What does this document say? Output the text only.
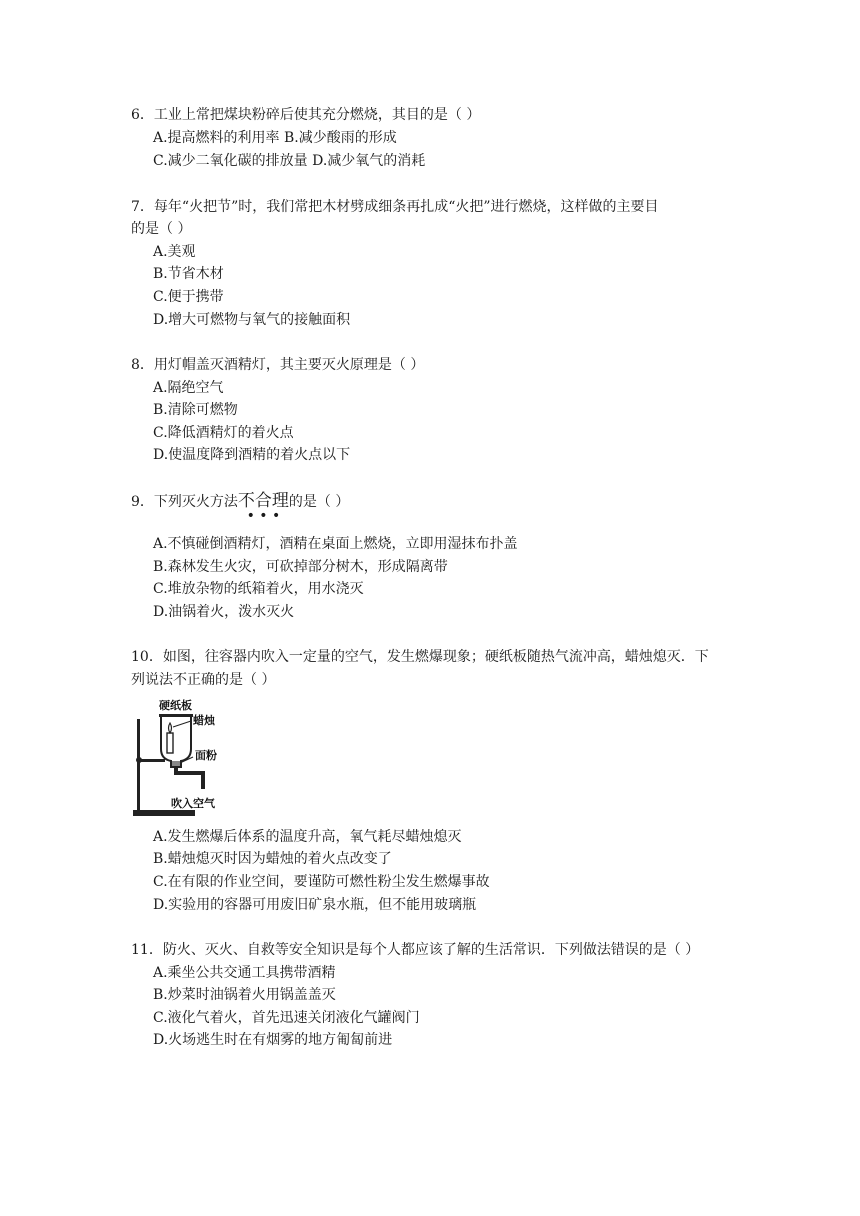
6．工业上常把煤块粉碎后使其充分燃烧，其目的是（ ）
A.提高燃料的利用率 B.减少酸雨的形成
C.减少二氧化碳的排放量 D.减少氧气的消耗
7．每年“火把节”时，我们常把木材劈成细条再扎成“火把”进行燃烧，这样做的主要目
的是（ ）
A.美观
B.节省木材
C.便于携带
D.增大可燃物与氧气的接触面积
8．用灯帽盖灭酒精灯，其主要灭火原理是（ ）
A.隔绝空气
B.清除可燃物
C.降低酒精灯的着火点
D.使温度降到酒精的着火点以下
9．下列灭火方法不合理
• • •
的是（ ）
A.不慎碰倒酒精灯，酒精在桌面上燃烧，立即用湿抹布扑盖
B.森林发生火灾，可砍掉部分树木，形成隔离带
C.堆放杂物的纸箱着火，用水浇灭
D.油锅着火，泼水灭火
10．如图，往容器内吹入一定量的空气，发生燃爆现象；硬纸板随热气流冲高，蜡烛熄灭．下
列说法不正确的是（ ）
硬纸板
蜡烛
面粉
吹入空气
A.发生燃爆后体系的温度升高，氧气耗尽蜡烛熄灭
B.蜡烛熄灭时因为蜡烛的着火点改变了
C.在有限的作业空间，要谨防可燃性粉尘发生燃爆事故
D.实验用的容器可用废旧矿泉水瓶，但不能用玻璃瓶
11．防火、灭火、自救等安全知识是每个人都应该了解的生活常识．下列做法错误的是（ ）
A.乘坐公共交通工具携带酒精
B.炒菜时油锅着火用锅盖盖灭
C.液化气着火，首先迅速关闭液化气罐阀门
D.火场逃生时在有烟雾的地方匍匐前进
